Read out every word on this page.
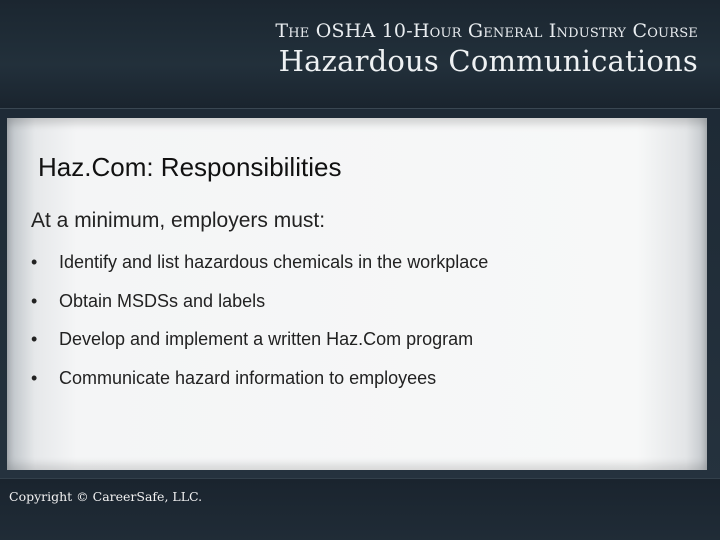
The OSHA 10-Hour General Industry Course
Hazardous Communications
Haz.Com: Responsibilities
At a minimum, employers must:
• Identify and list hazardous chemicals in the workplace
• Obtain MSDSs and labels
• Develop and implement a written Haz.Com program
• Communicate hazard information to employees
Copyright © CareerSafe, LLC.
